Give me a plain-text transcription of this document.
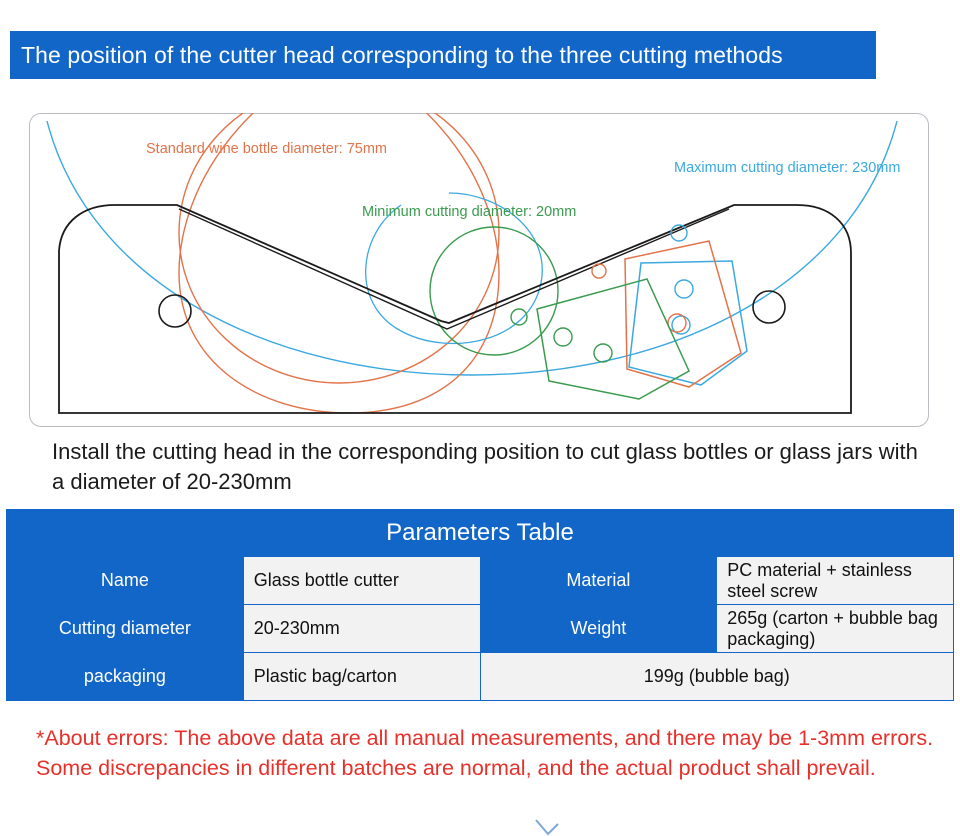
The position of the cutter head corresponding to the three cutting methods
Standard wine bottle diameter: 75mm
Maximum cutting diameter: 230mm
Minimum cutting diameter: 20mm
Install the cutting head in the corresponding position to cut glass bottles or glass jars with a diameter of 20-230mm
Parameters Table			
Name	Glass bottle cutter	Material	PC material + stainless steel screw
Cutting diameter	20-230mm	Weight	265g (carton + bubble bag packaging)
packaging	Plastic bag/carton	199g (bubble bag)	
*About errors: The above data are all manual measurements, and there may be 1-3mm errors. Some discrepancies in different batches are normal, and the actual product shall prevail.
